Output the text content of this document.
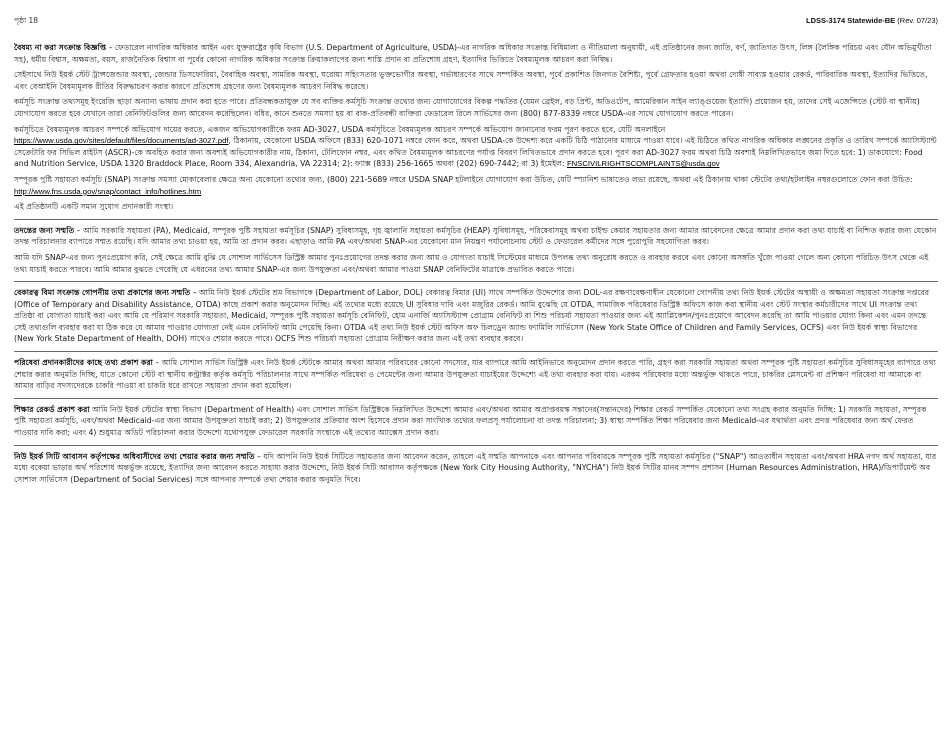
পৃষ্ঠা 18	LDSS-3174 Statewide-BE (Rev. 07/23)

বৈষম্য না করা সংক্রান্ত বিজ্ঞপ্তি – ফেডারেল নাগরিক অধিকার আইন এবং যুক্তরাষ্ট্রের কৃষি বিভাগ (U.S. Department of Agriculture, USDA)-এর নাগরিক অধিকার সংক্রান্ত বিধিমালা ও নীতিমালা অনুযায়ী, এই প্রতিষ্ঠানের জন্য জাতি, বর্ণ, জাতিগত উৎস, লিঙ্গ (লৈঙ্গিক পরিচয় এবং যৌন অভিমুখীতা সহ), ধর্মীয় বিশ্বাস, অক্ষমতা, বয়স, রাজনৈতিক বিশ্বাস বা পূর্বের কোনো নাগরিক অধিকার সংক্রান্ত ক্রিয়াকলাপের জন্য শাস্তি প্রদান বা প্রতিশোধ গ্রহণ, ইত্যাদির ভিত্তিতে বৈষম্যমূলক আচরণ করা নিষিদ্ধ।

সেইসাথে নিউ ইয়র্ক স্টেট ট্রান্সজেন্ডার অবস্থা, জেন্ডার ডিসফোরিয়া, বৈবাহিক অবস্থা, সামরিক অবস্থা, ঘরোয়া সহিংসতার ভুক্তভোগীর অবস্থা, গর্ভাধারণের সাথে সম্পর্কিত অবস্থা, পূর্বে প্রকাশিত জিনগত বৈশিষ্ট্য, পূর্বে গ্রেফতার হওয়া অথবা দোষী সাব্যস্ত হওয়ার রেকর্ড, পারিবারিক অবস্থা, ইত্যাদির ভিত্তিতে, এবং বেআইনি বৈষম্যমূলক রীতির বিরুদ্ধাচরণ করার কারণে প্রতিশোধ গ্রহণের জন্য বৈষম্যমূলক আচরণ নিষিদ্ধ করেছে।

কর্মসূচি সংক্রান্ত তথ্যসমূহ ইংরেজি ছাড়া অন্যান্য ভাষায় প্রদান করা হতে পারে। প্রতিবন্ধকতাযুক্ত যে সব ব্যক্তির কর্মসূচি সংক্রান্ত তথ্যের জন্য যোগাযোগের বিকল্প পদ্ধতির (যেমন ব্রেইল, বড় প্রিন্ট, অডিওটেপ, আমেরিকান সাইন ল্যাঙ্গুয়েজ ইত্যাদি) প্রয়োজন হয়, তাদের সেই এজেন্সিতে (স্টেট বা স্থানীয়) যোগাযোগ করতে হবে যেখানে তারা বেনিফিটগুলির জন্য আবেদন করেছিলেন। বধির, কানে শুনতে সমস্যা হয় বা বাক-প্রতিবন্ধী ব্যক্তিরা ফেডারেল রিলে সার্ভিসের জন্য (800) 877-8339 নম্বরে USDA-এর সাথে যোগাযোগ করতে পারেন।

কর্মসূচিতে বৈষম্যমূলক আচরণ সম্পর্কে অভিযোগ দায়ের করতে, একজন অভিযোগকারীকে ফরম AD-3027, USDA কর্মসূচিতে বৈষম্যমূলক আচরণ সম্পর্কে অভিযোগ জানানোর ফরম পূরণ করতে হবে, যেটি অনলাইনে
https://www.usda.gov/sites/default/files/documents/ad-3027.pdf, ঠিকানায়, যেকোনো USDA অফিসে (833) 620-1071 নম্বরে ফোন করে, অথবা USDA-কে উদ্দেশ্য করে একটি চিঠি পাঠানোর মাধ্যমে পাওয়া যাবে। এই চিঠিতে কথিত নাগরিক অধিকার লঙ্ঘনের প্রকৃতি ও তারিখ সম্পর্কে অ্যাসিস্ট্যান্ট সেক্রেটারি ফর সিভিল রাইটস (ASCR)-কে অবহিত করার জন্য অবশ্যই অভিযোগকারীর নাম, ঠিকানা, টেলিফোন নম্বর, এবং কথিত বৈষম্যমূলক আচরণের পর্যাপ্ত বিবরণ লিখিতভাবে প্রদান করতে হবে। পূরণ করা AD-3027 ফরম অথবা চিঠি অবশ্যই নিম্নলিখিতভাবে জমা দিতে হবে: 1) ডাকযোগে: Food and Nutrition Service, USDA 1320 Braddock Place, Room 334, Alexandria, VA 22314; 2): ফ্যাক্স (833) 256-1665 অথবা (202) 690-7442; বা 3) ইমেইল: FNSCIVILRIGHTSCOMPLAINTS@usda.gov

সম্পূরক পুষ্টি সহায়তা কর্মসূচি (SNAP) সংক্রান্ত সমস্যা মোকাবেলার ক্ষেত্রে অন্য যেকোনো তথ্যের জন্য, (800) 221-5689 নম্বরে USDA SNAP হটলাইনে যোগাযোগ করা উচিত, যেটি স্প্যানিশ ভাষাতেও লভ্য রয়েছে, অথবা এই ঠিকানায় থাকা স্টেটের তথ্য/হটলাইন নম্বরগুলোতে ফোন করা উচিত: http://www.fns.usda.gov/snap/contact_info/hotlines.htm

এই প্রতিষ্ঠানটি একটি সমান সুযোগ প্রদানকারী সংস্থা।

তদন্তের জন্য সম্মতি – আমি সরকারি সহায়তা (PA), Medicaid, সম্পূরক পুষ্টি সহায়তা কর্মসূচির (SNAP) সুবিধাসমূহ, গৃহ জ্বালানি সহায়তা কর্মসূচির (HEAP) সুবিধাসমূহ, পরিষেবাসমূহ অথবা চাইল্ড কেয়ার সহায়তার জন্য আমার আবেদনের ক্ষেত্রে আমার প্রদান করা তথ্য যাচাই বা নিশ্চিত করার জন্য যেকোন তদন্ত পরিচালনার ব্যাপারে সম্মত রয়েছি। যদি আমার তথ্য চাওয়া হয়, আমি তা প্রদান করব। এছাড়াও আমি PA এবং/অথবা SNAP-এর যেকোনো মান নিয়ন্ত্রণ পর্যালোচনায় স্টেট ও ফেডারেল কর্মীদের সঙ্গে পুরোপুরি সহযোগিতা করব।

আমি যদি SNAP-এর জন্য পুনঃপ্রয়োগ করি, সেই ক্ষেত্রে আমি বুঝি যে সোশাল সার্ভিসেস ডিস্ট্রিক্ট আমার পুনঃপ্রয়োগের তদন্ত করার জন্য আয় ও যোগ্যতা যাচাই সিস্টেমের মাধ্যমে উপলব্ধ তথ্য অনুরোধ করতে ও ব্যবহার করবে এবং কোনো অসঙ্গতি খুঁজে পাওয়া গেলে অন্য কোনো পরিচিত উৎস থেকে এই তথ্য যাচাই করতে পারবে। আমি আমার বুঝতে পেরেছি যে এধরনের তথ্য আমার SNAP-এর জন্য উপযুক্ততা এবং/অথবা আমার পাওয়া SNAP বেনিফিটের মাত্রাকে প্রভাবিত করতে পারে।

বেকারত্ব বিমা সংক্রান্ত গোপনীয় তথ্য প্রকাশের জন্য সম্মতি – আমি নিউ ইয়র্ক স্টেটের শ্রম বিভাগকে (Department of Labor, DOL) বেকারত্ব বিমার (UI) সাথে সম্পর্কিত উদ্দেশ্যের জন্য DOL-এর রক্ষণাবেক্ষণাধীন যেকোনো গোপনীয় তথ্য নিউ ইয়র্ক স্টেটের অস্থায়ী ও অক্ষমতা সহায়তা সংক্রান্ত দপ্তরের (Office of Temporary and Disability Assistance, OTDA) কাছে প্রকাশ করার অনুমোদন দিচ্ছি। এই তথ্যের মধ্যে রয়েছে UI সুবিধার দাবি এবং মজুরির রেকর্ড। আমি বুঝেছি যে OTDA, সামাজিক পরিষেবার ডিস্ট্রিক্ট অফিসে কাজ করা স্থানীয় এবং স্টেট সংস্থার কর্মচারীদের সাথে UI সংক্রান্ত তথ্য প্রতিষ্ঠা বা যোগ্যতা যাচাই করা এবং আমি যে পরিমাণ সরকারি সহায়তা, Medicaid, সম্পূরক পুষ্টি সহায়তা কর্মসূচি বেনিফিট, হোম এনার্জি অ্যাসিস্ট্যান্স প্রোগ্রাম বেনিফিট বা শিশু পরিচর্যা সহায়তা পাওয়ার জন্য এই অ্যাপ্লিকেশন/পুনঃপ্রয়োগে আবেদন করেছি তা আমি পাওয়ার যোগ্য কিনা এবং এমন তদন্তে সেই তথ্যগুলি ব্যবহার করা যা ঠিক করে যে আমার পাওয়ার যোগ্যতা নেই এমন বেনিফিট আমি পেয়েছি কিনা। OTDA এই তথ্য নিউ ইয়র্ক স্টেট অফিস অফ চিলড্রেন অ্যান্ড ফ্যামিলি সার্ভিসেস (New York State Office of Children and Family Services, OCFS) এবং নিউ ইয়র্ক স্বাস্থ্য বিভাগের (New York State Department of Health, DOH) সাথেও শেয়ার করতে পারে। OCFS শিশু পরিচর্যা সহায়তা প্রোগ্রাম নিরীক্ষণ করার জন্য এই তথ্য ব্যবহার করবে।

পরিষেবা প্রদানকারীদের কাছে তথ্য প্রকাশ করা – আমি সোশাল সার্ভিস ডিস্ট্রিক্ট এবং নিউ ইয়র্ক স্টেটকে আমার অথবা আমার পরিবারের কোনো সদস্যের, যার ব্যাপারে আমি আইনিভাবে অনুমোদন প্রদান করতে পারি, গ্রহণ করা সরকারি সহায়তা অথবা সম্পূরক পুষ্টি সহায়তা কর্মসূচির সুবিধাসমূহের ব্যাপারে তথ্য শেয়ার করার অনুমতি দিচ্ছি, যাতে কোনো স্টেট বা স্থানীয় কন্ট্রাক্টর কর্তৃক কর্মসূচি পরিচালনার সাথে সম্পর্কিত পরিষেবা ও পেমেন্টের জন্য আমার উপযুক্ততা যাচাইয়ের উদ্দেশ্যে এই তথ্য ব্যবহার করা যায়। এরকম পরিষেবার মধ্যে অন্তর্ভুক্ত থাকতে পারে, চাকরির প্লেসমেন্ট বা প্রশিক্ষণ পরিষেবা যা আমাকে বা আমার বাড়ির সদস্যদেরকে চাকরি পাওয়া বা চাকরি ধরে রাখতে সহায়তা প্রদান করা হয়েছিল।

শিক্ষার রেকর্ড প্রকাশ করা আমি নিউ ইয়র্ক স্টেটের স্বাস্থ্য বিভাগ (Department of Health) এবং সোশাল সার্ভিস ডিস্ট্রিক্টকে নিম্নলিখিত উদ্দেশ্যে আমার এবং/অথবা আমার অপ্রাপ্তবয়স্ক সন্তানের(সন্তানদের) শিক্ষার রেকর্ড সম্পর্কিত যেকোনো তথ্য সংগ্রহ করার অনুমতি দিচ্ছি: 1) সরকারি সহায়তা, সম্পূরক পুষ্টি সহায়তা কর্মসূচি, এবং/অথবা Medicaid-এর জন্য আমার উপযুক্ততা যাচাই করা; 2) উপযুক্ততার প্রক্রিয়ার অংশ হিসেবে প্রদান করা সাংখ্যিক তথ্যের ফলপ্রসূ পর্যালোচনা বা তদন্ত পরিচালনা; 3) স্বাস্থ্য সম্পর্কিত শিক্ষা পরিষেবার জন্য Medicaid-এর যথার্থতা এবং প্রদত্ত পরিষেবার জন্য অর্থ ফেরত পাওয়ার দাবি করা; এবং 4) শুধুমাত্র অডিট পরিচালনা করার উদ্দেশ্যে যথোপযুক্ত ফেডারেল সরকারি সংস্থাকে এই তথ্যের অ্যাক্সেস প্রদান করা।

নিউ ইয়র্ক সিটি আবাসন কর্তৃপক্ষের অধিবাসীদের তথ্য শেয়ার করার জন্য সম্মতি – যদি আপনি নিউ ইয়র্ক সিটিতে সহায়তার জন্য আবেদন করেন, তাহলে এই সম্মতি আপনাকে এবং আপনার পরিবারকে সম্পূরক পুষ্টি সহায়তা কর্মসূচির ("SNAP") আওতাধীন সহায়তা এবং/অথবা HRA নগদ অর্থ সহায়তা, যার মধ্যে বকেয়া ভাড়ার অর্থ পরিশোধ অন্তর্ভুক্ত রয়েছে, ইত্যাদির জন্য আবেদন করতে সাহায্য করার উদ্দেশ্যে, নিউ ইয়র্ক সিটি আবাসন কর্তৃপক্ষকে (New York City Housing Authority, "NYCHA") নিউ ইয়র্ক সিটির মানব সম্পদ প্রশাসন (Human Resources Administration, HRA)/ডিপার্টমেন্ট অব সোশাল সার্ভিসেস (Department of Social Services) সঙ্গে আপনার সম্পর্কে তথ্য শেয়ার করার অনুমতি দিবে।
